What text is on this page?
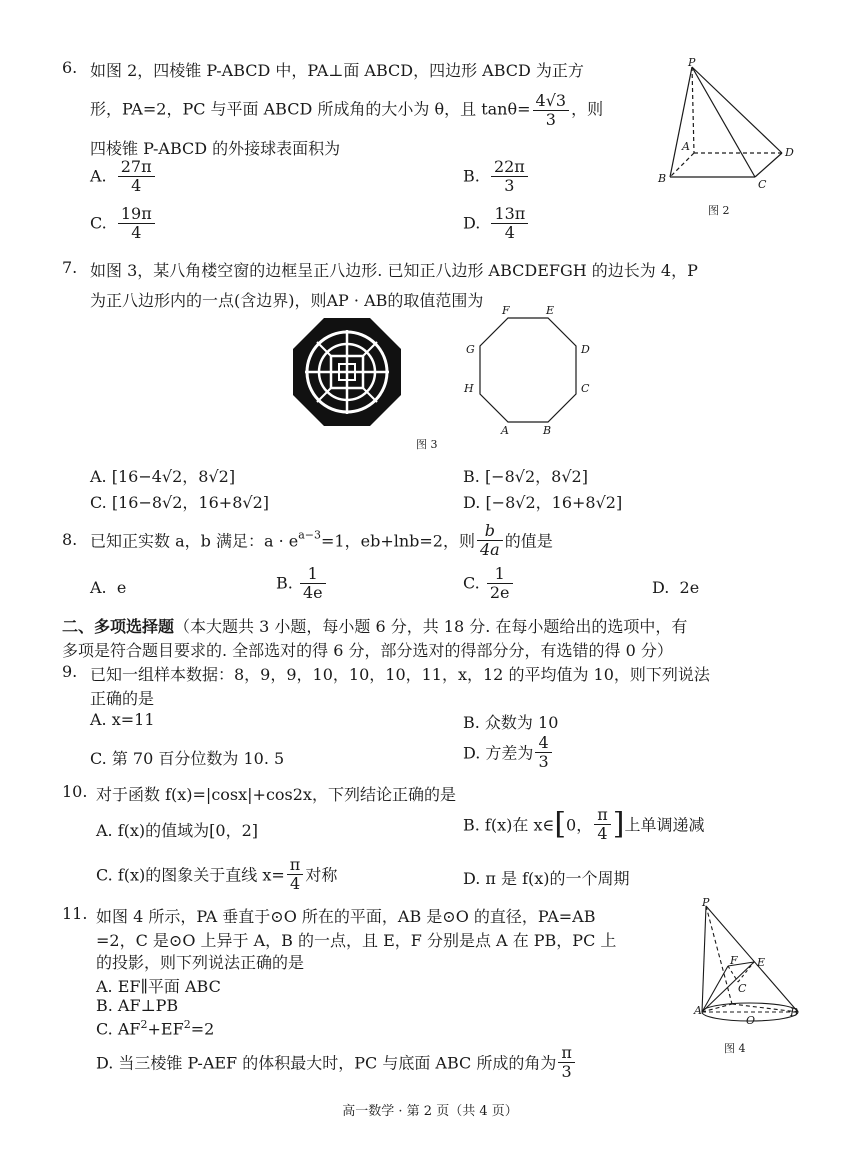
6. 如图 2，四棱锥 P-ABCD 中，PA⊥面 ABCD，四边形 ABCD 为正方
形，PA=2，PC 与平面 ABCD 所成角的大小为 θ，且 $\tan\theta= \frac{4√3}{3}$ ，则
四棱锥 P-ABCD 的外接球表面积为
A. $\frac{27\pi}{4}$	B. $\frac{22\pi}{3}$
C. $\frac{19\pi}{4}$	D. $\frac{13\pi}{4}$
P
A
B	C
D
图 2
7. 如图 3，某八角楼空窗的边框呈正八边形. 已知正八边形 ABCDEFGH 的边长为 4，P
为正八边形内的一点(含边界)，则AP · AB的取值范围为
F	E
G	D
H	C
A	B
图 3
A. [16−4√2，8√2]	B. [−8√2，8√2]
C. [16−8√2，16+8√2]	D. [−8√2，16+8√2]
8. 已知正实数 a，b 满足：$a \cdot e^{a-3}=1$，eb+lnb=2，则 $\frac{b}{4a}$ 的值是
A. e	B. $\frac{1}{4e}$	C. $\frac{1}{2e}$	D. 2e
二、多项选择题（本大题共 3 小题，每小题 6 分，共 18 分. 在每小题给出的选项中，有
多项是符合题目要求的. 全部选对的得 6 分，部分选对的得部分分，有选错的得 0 分）
9. 已知一组样本数据：8，9，9，10，10，10，11，x，12 的平均值为 10，则下列说法
正确的是
A. x=11	B. 众数为 10
C. 第 70 百分位数为 10. 5	D. 方差为 $\frac{4}{3}$
10. 对于函数 f(x)=|cosx|+cos2x，下列结论正确的是
A. f(x)的值域为[0，2]	B. f(x)在 x∈[0， $\frac{\pi}{4}$ ]上单调递减
C. f(x)的图象关于直线 $x= \frac{\pi}{4}$ 对称	D. π 是 f(x)的一个周期
11. 如图 4 所示，PA 垂直于⊙O 所在的平面，AB 是⊙O 的直径，PA=AB
=2，C 是⊙O 上异于 A，B 的一点，且 E，F 分别是点 A 在 PB，PC 上
的投影，则下列说法正确的是
A. EF∥平面 ABC
B. AF⊥PB
C. $AF^2+EF^2=2$
D. 当三棱锥 P-AEF 的体积最大时，PC 与底面 ABC 所成的角为 $\frac{\pi}{3}$
P
F E
C
A
O
B
图 4
高一数学 · 第 2 页（共 4 页）
